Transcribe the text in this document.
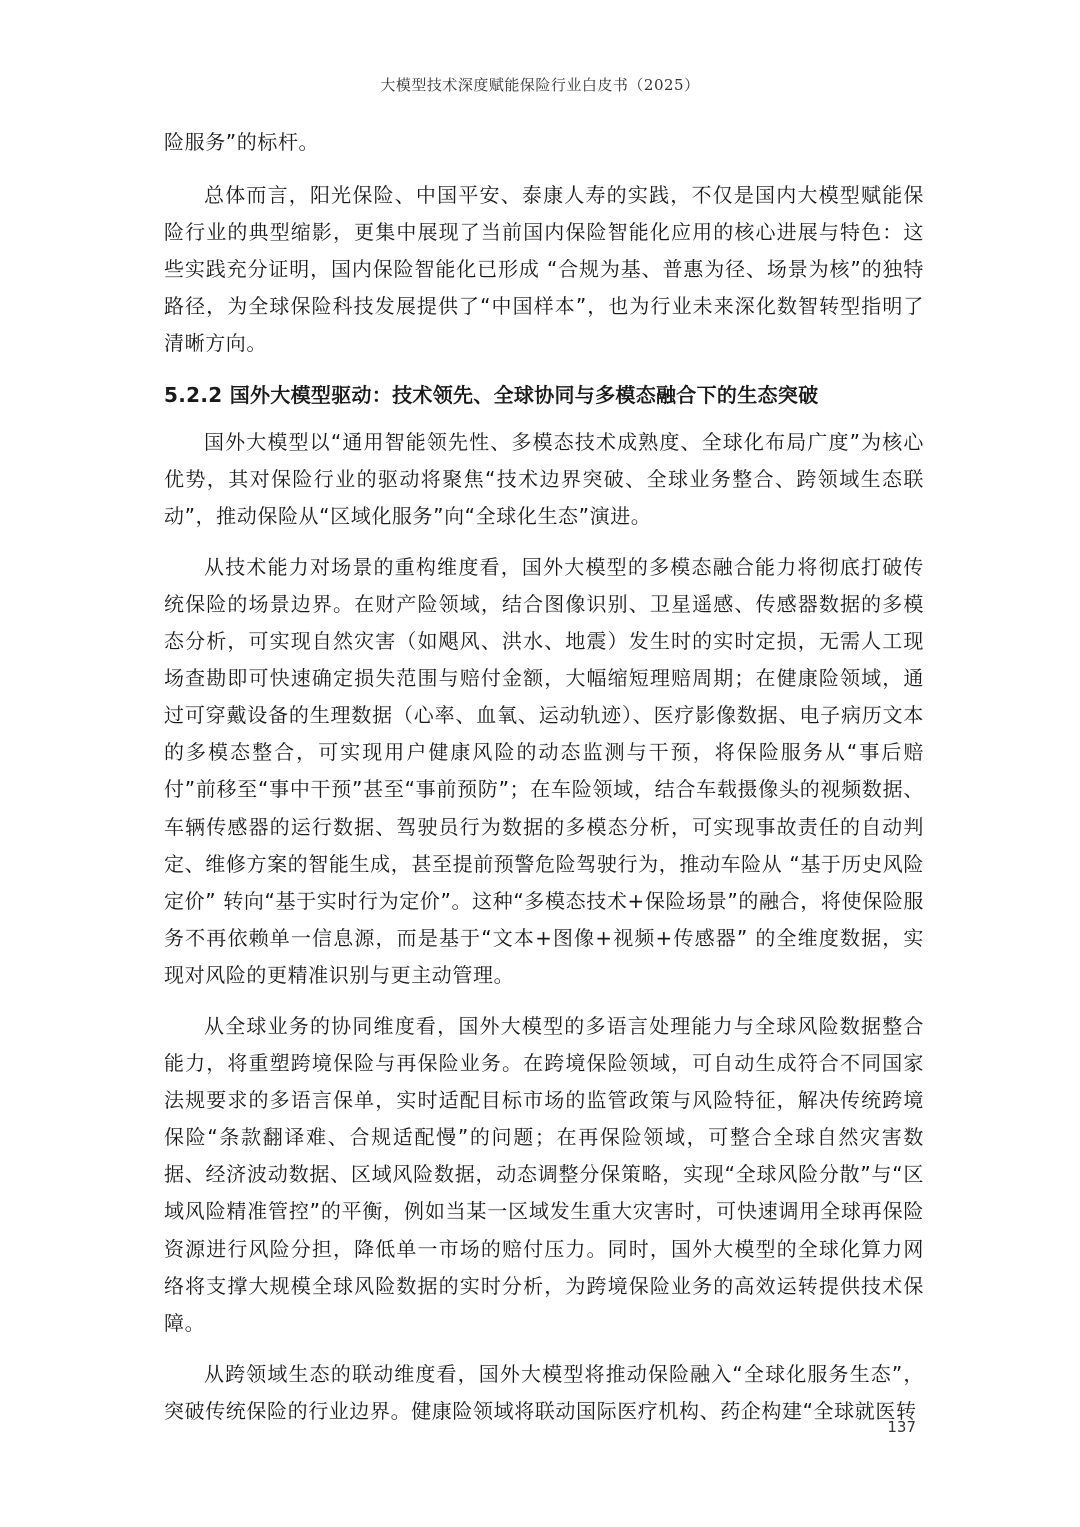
大模型技术深度赋能保险行业白皮书（2025）

险服务”的标杆。

总体而言，阳光保险、中国平安、泰康人寿的实践，不仅是国内大模型赋能保险行业的典型缩影，更集中展现了当前国内保险智能化应用的核心进展与特色：这些实践充分证明，国内保险智能化已形成 “合规为基、普惠为径、场景为核”的独特路径，为全球保险科技发展提供了“中国样本”，也为行业未来深化数智转型指明了清晰方向。

5.2.2 国外大模型驱动：技术领先、全球协同与多模态融合下的生态突破

国外大模型以“通用智能领先性、多模态技术成熟度、全球化布局广度”为核心优势，其对保险行业的驱动将聚焦“技术边界突破、全球业务整合、跨领域生态联动”，推动保险从“区域化服务”向“全球化生态”演进。

从技术能力对场景的重构维度看，国外大模型的多模态融合能力将彻底打破传统保险的场景边界。在财产险领域，结合图像识别、卫星遥感、传感器数据的多模态分析，可实现自然灾害（如飓风、洪水、地震）发生时的实时定损，无需人工现场查勘即可快速确定损失范围与赔付金额，大幅缩短理赔周期；在健康险领域，通过可穿戴设备的生理数据（心率、血氧、运动轨迹）、医疗影像数据、电子病历文本的多模态整合，可实现用户健康风险的动态监测与干预，将保险服务从“事后赔付”前移至“事中干预”甚至“事前预防”；在车险领域，结合车载摄像头的视频数据、车辆传感器的运行数据、驾驶员行为数据的多模态分析，可实现事故责任的自动判定、维修方案的智能生成，甚至提前预警危险驾驶行为，推动车险从 “基于历史风险定价” 转向“基于实时行为定价”。这种“多模态技术+保险场景”的融合，将使保险服务不再依赖单一信息源，而是基于“文本+图像+视频+传感器” 的全维度数据，实现对风险的更精准识别与更主动管理。

从全球业务的协同维度看，国外大模型的多语言处理能力与全球风险数据整合能力，将重塑跨境保险与再保险业务。在跨境保险领域，可自动生成符合不同国家法规要求的多语言保单，实时适配目标市场的监管政策与风险特征，解决传统跨境保险“条款翻译难、合规适配慢”的问题；在再保险领域，可整合全球自然灾害数据、经济波动数据、区域风险数据，动态调整分保策略，实现“全球风险分散”与“区域风险精准管控”的平衡，例如当某一区域发生重大灾害时，可快速调用全球再保险资源进行风险分担，降低单一市场的赔付压力。同时，国外大模型的全球化算力网络将支撑大规模全球风险数据的实时分析，为跨境保险业务的高效运转提供技术保障。

从跨领域生态的联动维度看，国外大模型将推动保险融入“全球化服务生态”，突破传统保险的行业边界。健康险领域将联动国际医疗机构、药企构建“全球就医转

137
